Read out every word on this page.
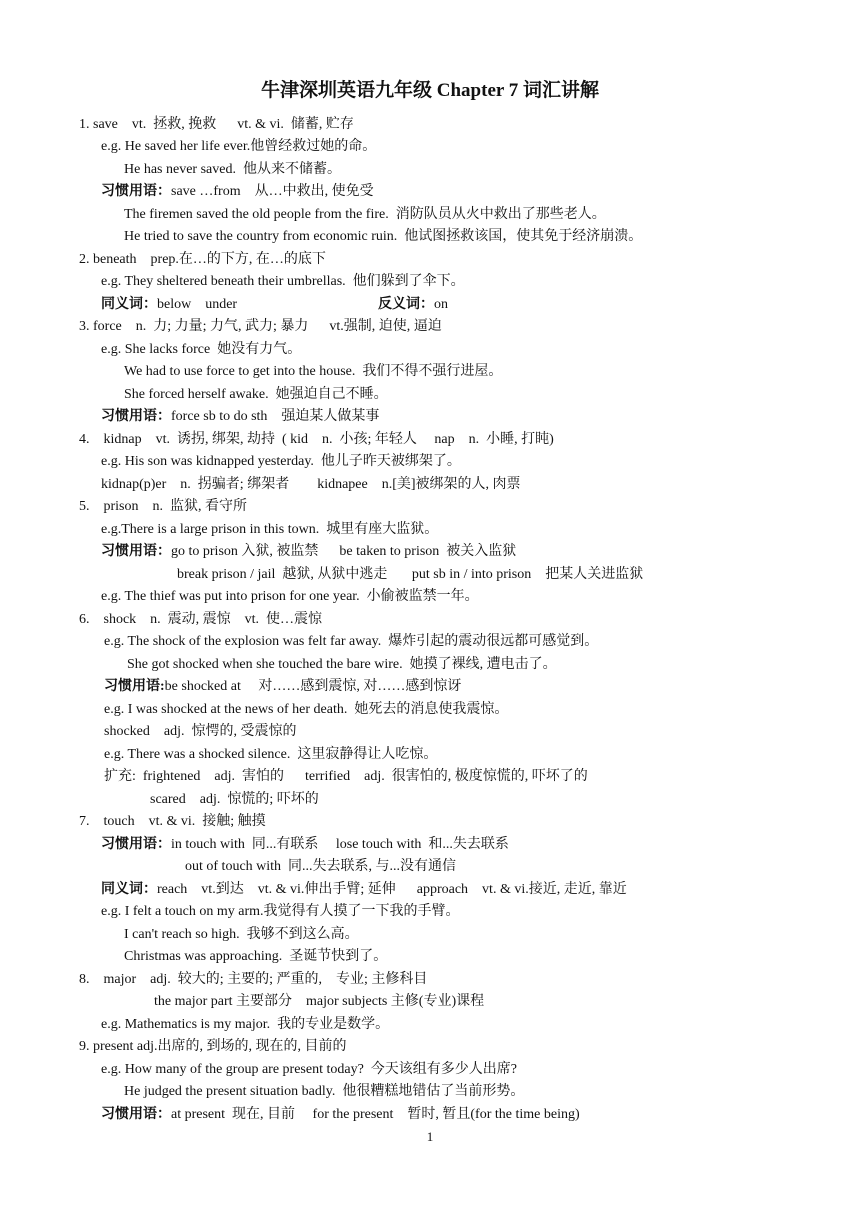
牛津深圳英语九年级 Chapter 7 词汇讲解
1. save    vt.  拯救, 挽救      vt. & vi.  储蓄, 贮存
e.g. He saved her life ever.他曾经救过她的命。
He has never saved.  他从来不储蓄。
习惯用语：save …from    从…中救出, 使免受
The firemen saved the old people from the fire.  消防队员从火中救出了那些老人。
He tried to save the country from economic ruin.  他试图拯救该国，使其免于经济崩溃。
2. beneath    prep.在…的下方, 在…的底下
e.g. They sheltered beneath their umbrellas.  他们躲到了伞下。
同义词：below    under	反义词：on
3. force    n.  力; 力量; 力气, 武力; 暴力      vt.强制, 迫使, 逼迫
e.g. She lacks force  她没有力气。
We had to use force to get into the house.  我们不得不强行进屋。
She forced herself awake.  她强迫自己不睡。
习惯用语：force sb to do sth    强迫某人做某事
4.    kidnap    vt.  诱拐, 绑架, 劫持  ( kid    n.  小孩; 年轻人     nap    n.  小睡, 打盹)
e.g. His son was kidnapped yesterday.  他儿子昨天被绑架了。
kidnap(p)er    n.  拐骗者; 绑架者        kidnapee    n.[美]被绑架的人, 肉票
5.    prison    n.  监狱, 看守所
e.g.There is a large prison in this town.  城里有座大监狱。
习惯用语：go to prison 入狱, 被监禁      be taken to prison  被关入监狱
break prison / jail  越狱, 从狱中逃走       put sb in / into prison    把某人关进监狱
e.g. The thief was put into prison for one year.  小偷被监禁一年。
6.    shock    n.  震动, 震惊    vt.  使…震惊
e.g. The shock of the explosion was felt far away.  爆炸引起的震动很远都可感觉到。
She got shocked when she touched the bare wire.  她摸了裸线, 遭电击了。
习惯用语:be shocked at     对……感到震惊, 对……感到惊讶
e.g. I was shocked at the news of her death.  她死去的消息使我震惊。
shocked    adj.  惊愕的, 受震惊的
e.g. There was a shocked silence.  这里寂静得让人吃惊。
扩充:  frightened    adj.  害怕的      terrified    adj.  很害怕的, 极度惊慌的, 吓坏了的
scared    adj.  惊慌的; 吓坏的
7.    touch    vt. & vi.  接触; 触摸
习惯用语：in touch with  同...有联系     lose touch with  和...失去联系
out of touch with  同...失去联系, 与...没有通信
同义词：reach    vt.到达    vt. & vi.伸出手臂; 延伸      approach    vt. & vi.接近, 走近, 靠近
e.g. I felt a touch on my arm.我觉得有人摸了一下我的手臂。
I can't reach so high.  我够不到这么高。
Christmas was approaching.  圣诞节快到了。
8.    major    adj.  较大的; 主要的; 严重的,    专业; 主修科目
the major part 主要部分    major subjects 主修(专业)课程
e.g. Mathematics is my major.  我的专业是数学。
9. present adj.出席的, 到场的, 现在的, 目前的
e.g. How many of the group are present today?  今天该组有多少人出席?
He judged the present situation badly.  他很糟糕地错估了当前形势。
习惯用语：at present  现在, 目前     for the present    暂时, 暂且(for the time being)
1
